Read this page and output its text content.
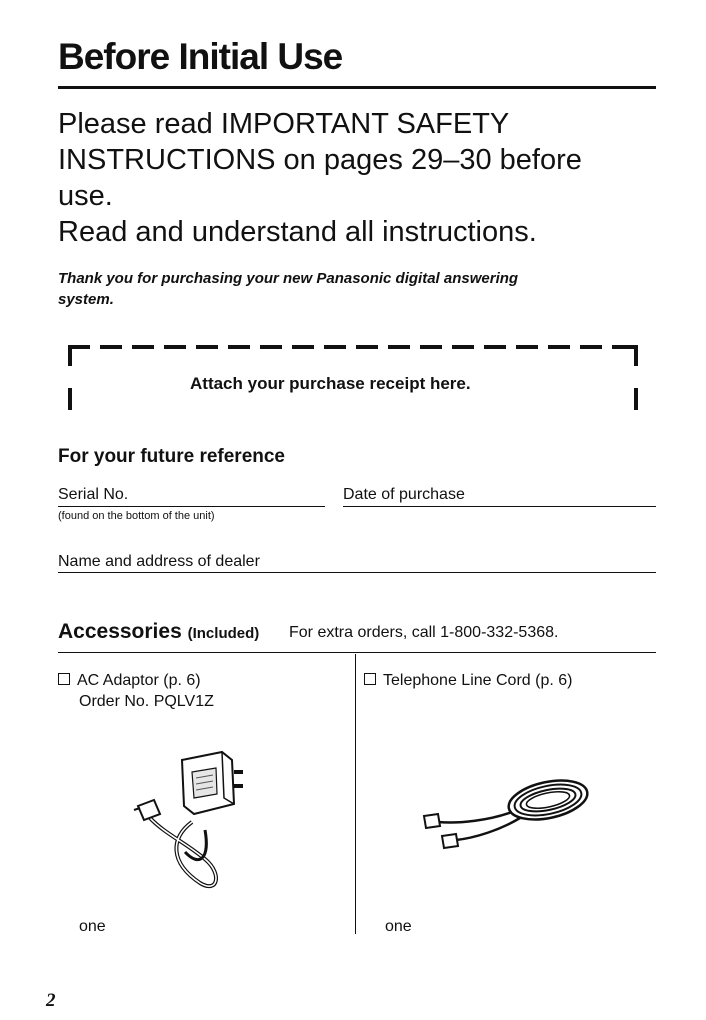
Before Initial Use
Please read IMPORTANT SAFETY
INSTRUCTIONS on pages 29–30 before
use.
Read and understand all instructions.
Thank you for purchasing your new Panasonic digital answering
system.

Attach your purchase receipt here.

For your future reference

Serial No.

(found on the bottom of the unit)

Date of purchase

Name and address of dealer

Accessories (Included) For extra orders, call 1-800-332-5368.

AC Adaptor (p. 6)

Order No. PQLV1Z

one

Telephone Line Cord (p. 6)

one

2
